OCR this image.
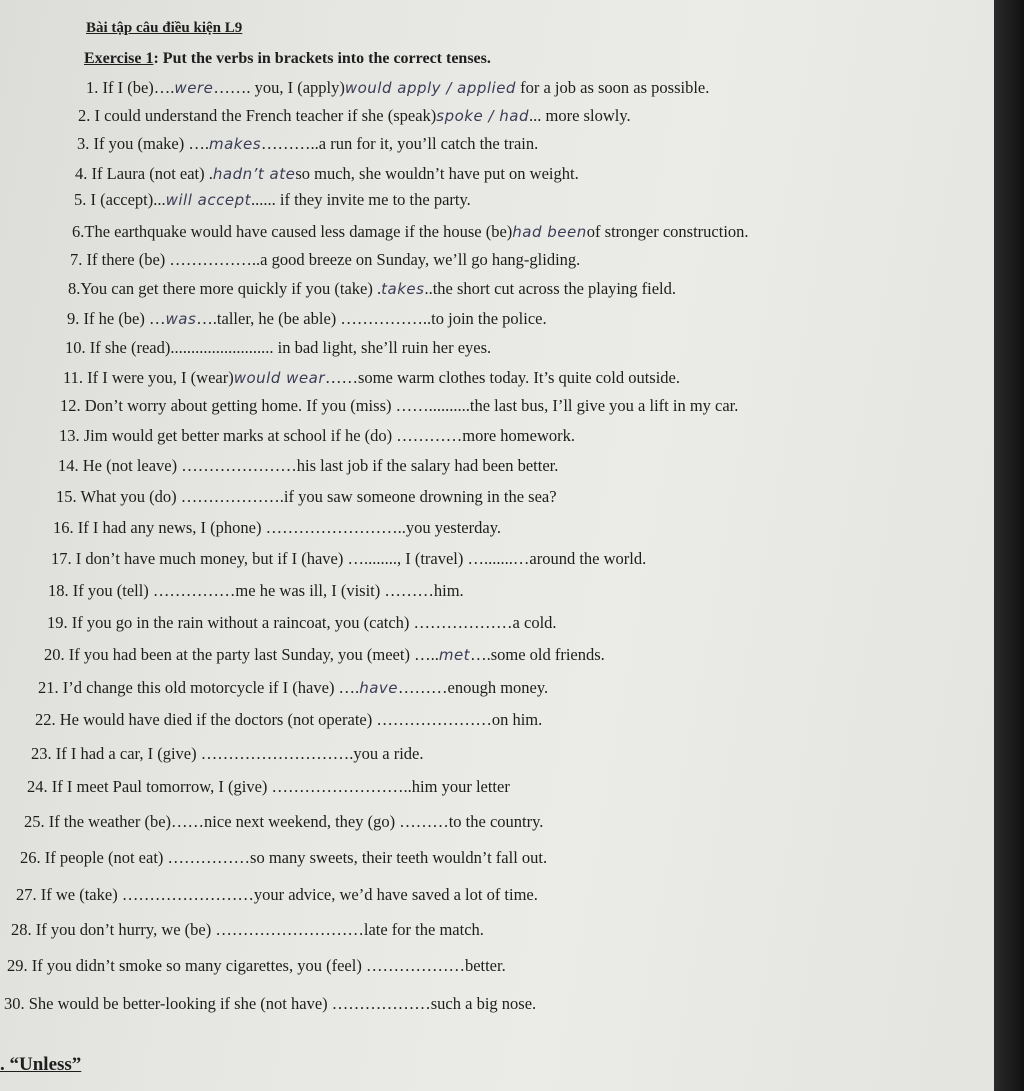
Bài tập câu điều kiện L9
Exercise 1: Put the verbs in brackets into the correct tenses.
1. If I (be)….were……. you, I (apply)would apply / applied for a job as soon as possible.
2. I could understand the French teacher if she (speak)spoke / had... more slowly.
3. If you (make) ….makes………..a run for it, you’ll catch the train.
4. If Laura (not eat) .hadn’t ateso much, she wouldn’t have put on weight.
5. I (accept)...will accept...... if they invite me to the party.
6.The earthquake would have caused less damage if the house (be)had beenof stronger construction.
7. If there (be) ……………..a good breeze on Sunday, we’ll go hang-gliding.
8.You can get there more quickly if you (take) .takes..the short cut across the playing field.
9. If he (be) …was….taller, he (be able) ……………..to join the police.
10. If she (read)......................... in bad light, she’ll ruin her eyes.
11. If I were you, I (wear)would wear……some warm clothes today. It’s quite cold outside.
12. Don’t worry about getting home. If you (miss) ……..........the last bus, I’ll give you a lift in my car.
13. Jim would get better marks at school if he (do) …………more homework.
14. He (not leave) …………………his last job if the salary had been better.
15. What you (do) ……………….if you saw someone drowning in the sea?
16. If I had any news, I (phone) ……………………..you yesterday.
17. I don’t have much money, but if I (have) …........, I (travel) ….......…around the world.
18. If you (tell) ……………me he was ill, I (visit) ………him.
19. If you go in the rain without a raincoat, you (catch) ………………a cold.
20. If you had been at the party last Sunday, you (meet) …..met….some old friends.
21. I’d change this old motorcycle if I (have) ….have………enough money.
22. He would have died if the doctors (not operate) …………………on him.
23. If I had a car, I (give) ……………………….you a ride.
24. If I meet Paul tomorrow, I (give) ……………………..him your letter
25. If the weather (be)……nice next weekend, they (go) ………to the country.
26. If people (not eat) ……………so many sweets, their teeth wouldn’t fall out.
27. If we (take) ……………………your advice, we’d have saved a lot of time.
28. If you don’t hurry, we (be) ………………………late for the match.
29. If you didn’t smoke so many cigarettes, you (feel) ………………better.
30. She would be better-looking if she (not have) ………………such a big nose.
. “Unless”
